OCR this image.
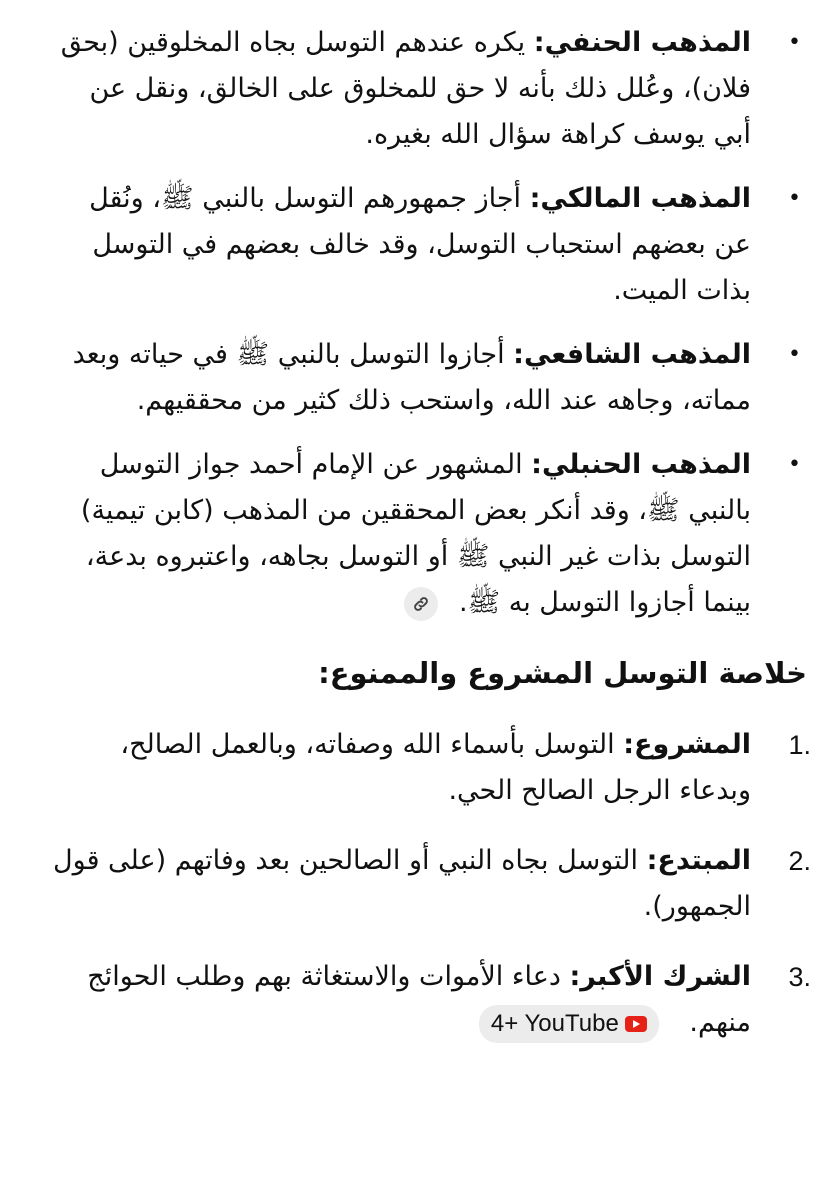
•
المذهب الحنفي: يكره عندهم التوسل بجاه المخلوقين (بحق فلان)، وعُلل ذلك بأنه لا حق للمخلوق على الخالق، ونقل عن أبي يوسف كراهة سؤال الله بغيره.
•
المذهب المالكي: أجاز جمهورهم التوسل بالنبي ﷺ، ونُقل عن بعضهم استحباب التوسل، وقد خالف بعضهم في التوسل بذات الميت.
•
المذهب الشافعي: أجازوا التوسل بالنبي ﷺ في حياته وبعد مماته، وجاهه عند الله، واستحب ذلك كثير من محققيهم.
•
المذهب الحنبلي: المشهور عن الإمام أحمد جواز التوسل بالنبي ﷺ، وقد أنكر بعض المحققين من المذهب (كابن تيمية) التوسل بذات غير النبي ﷺ أو التوسل بجاهه، واعتبروه بدعة، بينما أجازوا التوسل به ﷺ.
خلاصة التوسل المشروع والممنوع:
1.
المشروع: التوسل بأسماء الله وصفاته، وبالعمل الصالح، وبدعاء الرجل الصالح الحي.
2.
المبتدع: التوسل بجاه النبي أو الصالحين بعد وفاتهم (على قول الجمهور).
3.
الشرك الأكبر: دعاء الأموات والاستغاثة بهم وطلب الحوائج منهم.
4+ YouTube
